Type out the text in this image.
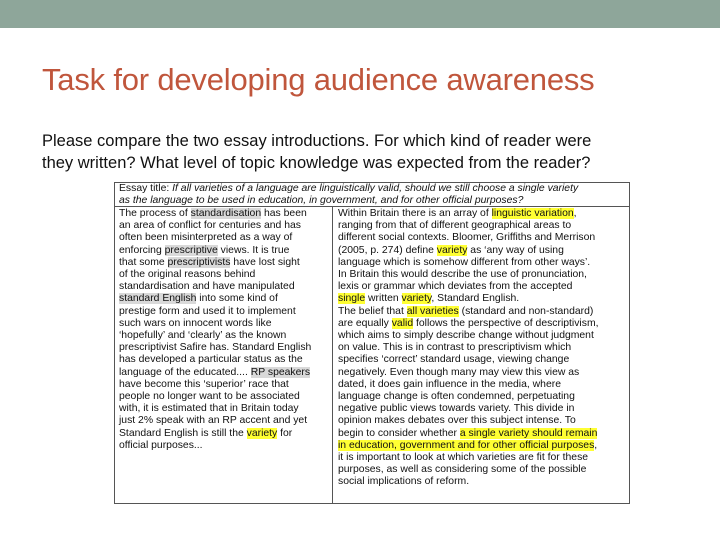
Task for developing audience awareness
Please compare the two essay introductions. For which kind of reader were
they written? What level of topic knowledge was expected from the reader?
Essay title: If all varieties of a language are linguistically valid, should we still choose a single variety
as the language to be used in education, in government, and for other official purposes?
The process of standardisation has been
an area of conflict for centuries and has
often been misinterpreted as a way of
enforcing prescriptive views. It is true
that some prescriptivists have lost sight
of the original reasons behind
standardisation and have manipulated
standard English into some kind of
prestige form and used it to implement
such wars on innocent words like
‘hopefully’ and ‘clearly’ as the known
prescriptivist Safire has. Standard English
has developed a particular status as the
language of the educated.... RP speakers
have become this ‘superior’ race that
people no longer want to be associated
with, it is estimated that in Britain today
just 2% speak with an RP accent and yet
Standard English is still the variety for
official purposes...
Within Britain there is an array of linguistic variation,
ranging from that of different geographical areas to
different social contexts. Bloomer, Griffiths and Merrison
(2005, p. 274) define variety as ‘any way of using
language which is somehow different from other ways’.
In Britain this would describe the use of pronunciation,
lexis or grammar which deviates from the accepted
single written variety, Standard English.
The belief that all varieties (standard and non-standard)
are equally valid follows the perspective of descriptivism,
which aims to simply describe change without judgment
on value. This is in contrast to prescriptivism which
specifies ‘correct’ standard usage, viewing change
negatively. Even though many may view this view as
dated, it does gain influence in the media, where
language change is often condemned, perpetuating
negative public views towards variety. This divide in
opinion makes debates over this subject intense. To
begin to consider whether a single variety should remain
in education, government and for other official purposes,
it is important to look at which varieties are fit for these
purposes, as well as considering some of the possible
social implications of reform.
